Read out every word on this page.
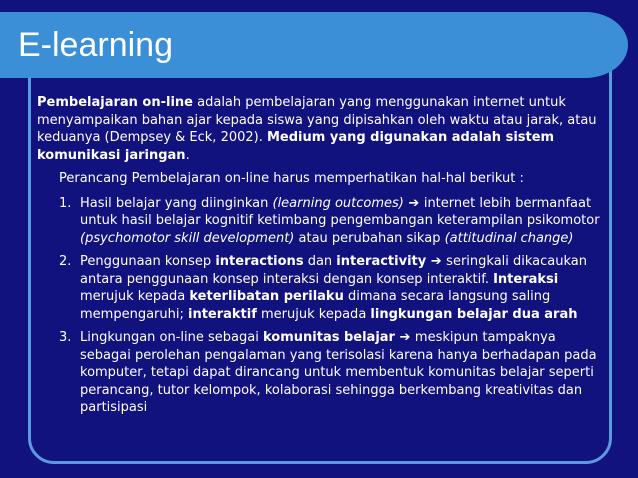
E-learning

Pembelajaran on-line adalah pembelajaran yang menggunakan internet untuk menyampaikan bahan ajar kepada siswa yang dipisahkan oleh waktu atau jarak, atau keduanya (Dempsey & Eck, 2002). Medium yang digunakan adalah sistem komunikasi jaringan.

Perancang Pembelajaran on-line harus memperhatikan hal-hal berikut :

1. Hasil belajar yang diinginkan (learning outcomes) ➔ internet lebih bermanfaat untuk hasil belajar kognitif ketimbang pengembangan keterampilan psikomotor (psychomotor skill development) atau perubahan sikap (attitudinal change)
2. Penggunaan konsep interactions dan interactivity ➔ seringkali dikacaukan antara penggunaan konsep interaksi dengan konsep interaktif. Interaksi merujuk kepada keterlibatan perilaku dimana secara langsung saling mempengaruhi; interaktif merujuk kepada lingkungan belajar dua arah
3. Lingkungan on-line sebagai komunitas belajar ➔ meskipun tampaknya sebagai perolehan pengalaman yang terisolasi karena hanya berhadapan pada komputer, tetapi dapat dirancang untuk membentuk komunitas belajar seperti perancang, tutor kelompok, kolaborasi sehingga berkembang kreativitas dan partisipasi
